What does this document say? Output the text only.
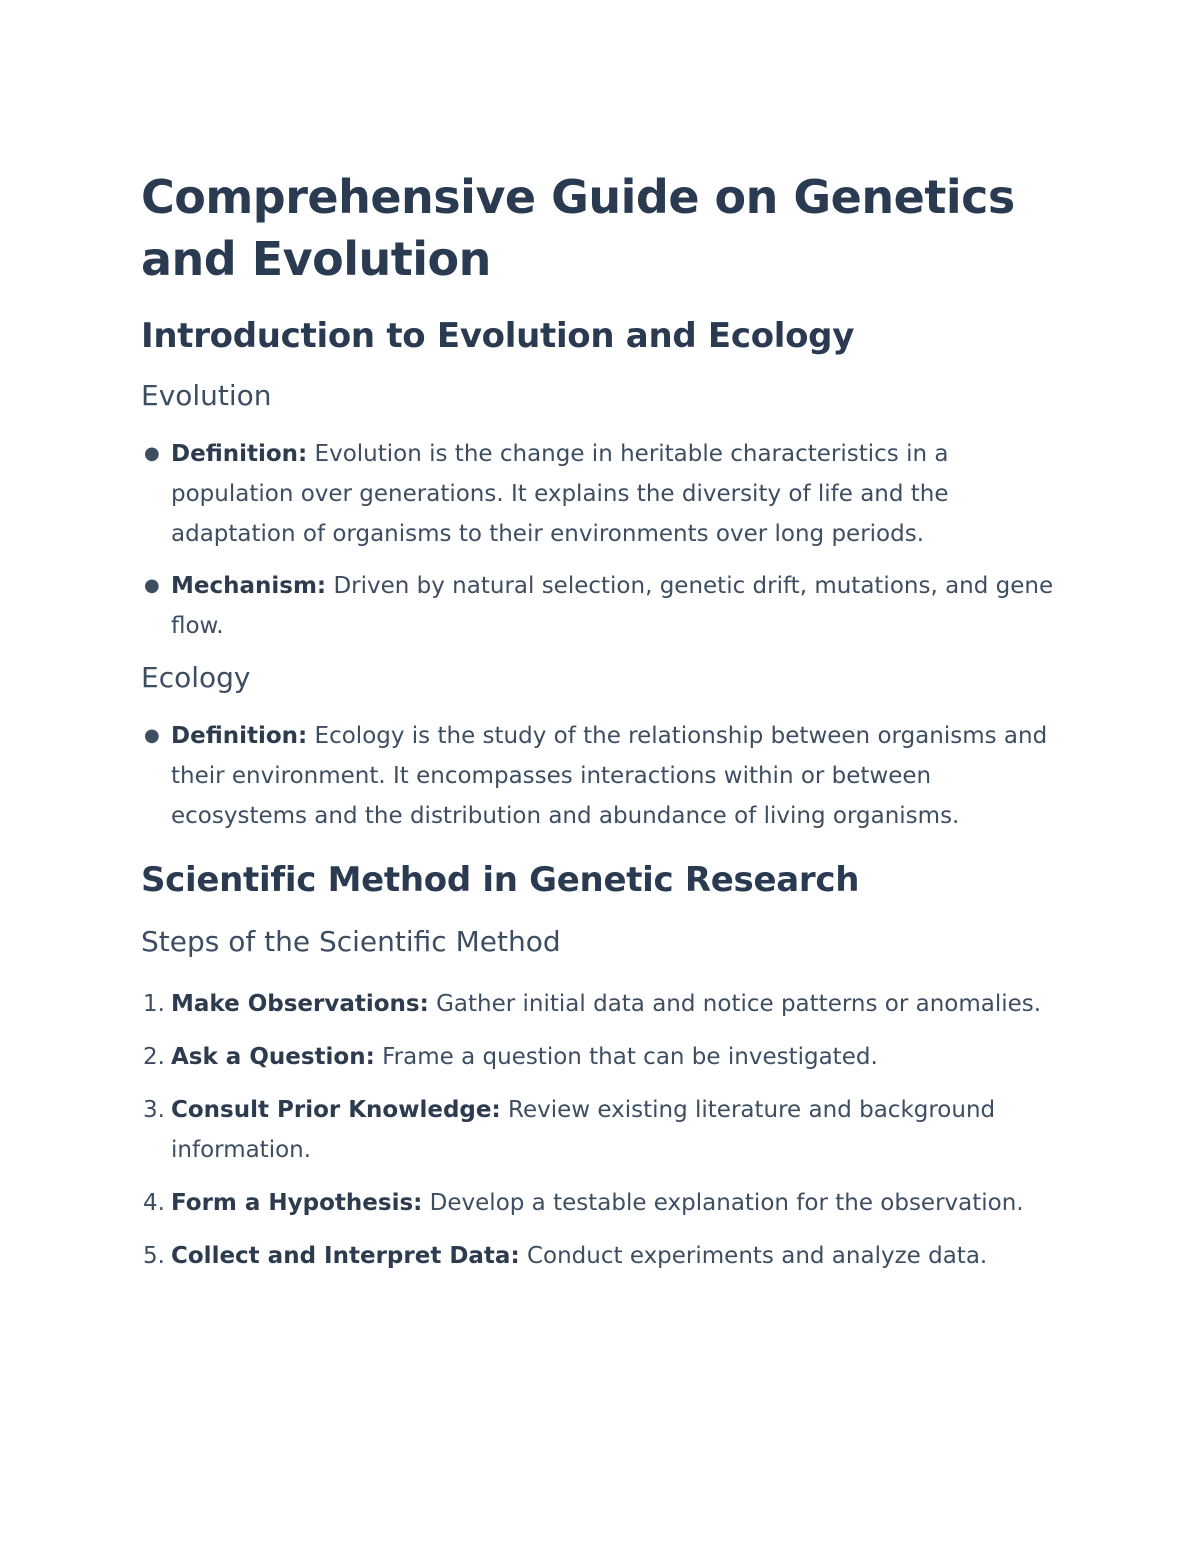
Comprehensive Guide on Genetics and Evolution
Introduction to Evolution and Ecology
Evolution
● Definition: Evolution is the change in heritable characteristics in a population over generations. It explains the diversity of life and the adaptation of organisms to their environments over long periods.
● Mechanism: Driven by natural selection, genetic drift, mutations, and gene flow.
Ecology
● Definition: Ecology is the study of the relationship between organisms and their environment. It encompasses interactions within or between ecosystems and the distribution and abundance of living organisms.
Scientific Method in Genetic Research
Steps of the Scientific Method
1. Make Observations: Gather initial data and notice patterns or anomalies.
2. Ask a Question: Frame a question that can be investigated.
3. Consult Prior Knowledge: Review existing literature and background information.
4. Form a Hypothesis: Develop a testable explanation for the observation.
5. Collect and Interpret Data: Conduct experiments and analyze data.
